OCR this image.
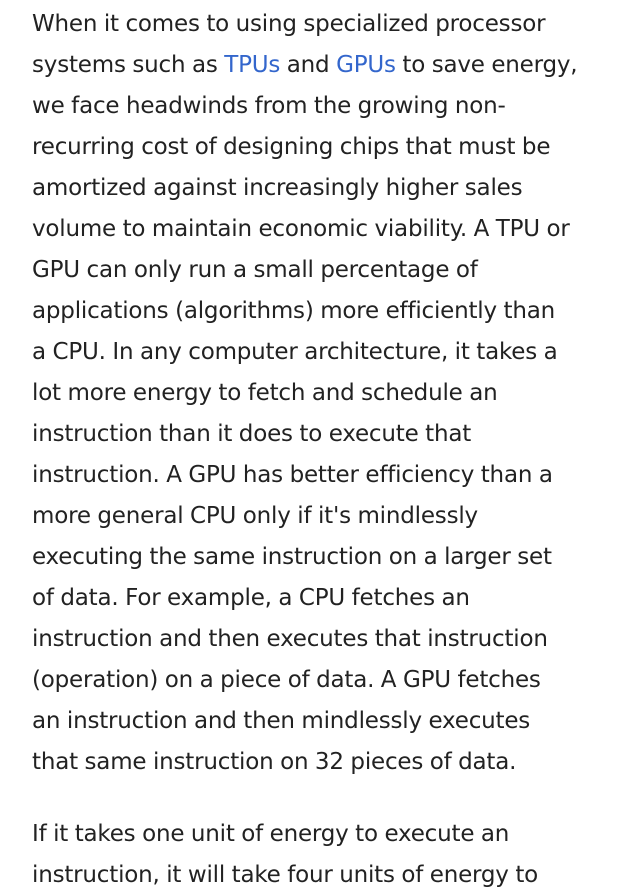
When it comes to using specialized processor
systems such as TPUs and GPUs to save energy,
we face headwinds from the growing non-
recurring cost of designing chips that must be
amortized against increasingly higher sales
volume to maintain economic viability. A TPU or
GPU can only run a small percentage of
applications (algorithms) more efficiently than
a CPU. In any computer architecture, it takes a
lot more energy to fetch and schedule an
instruction than it does to execute that
instruction. A GPU has better efficiency than a
more general CPU only if it's mindlessly
executing the same instruction on a larger set
of data. For example, a CPU fetches an
instruction and then executes that instruction
(operation) on a piece of data. A GPU fetches
an instruction and then mindlessly executes
that same instruction on 32 pieces of data.

If it takes one unit of energy to execute an
instruction, it will take four units of energy to
